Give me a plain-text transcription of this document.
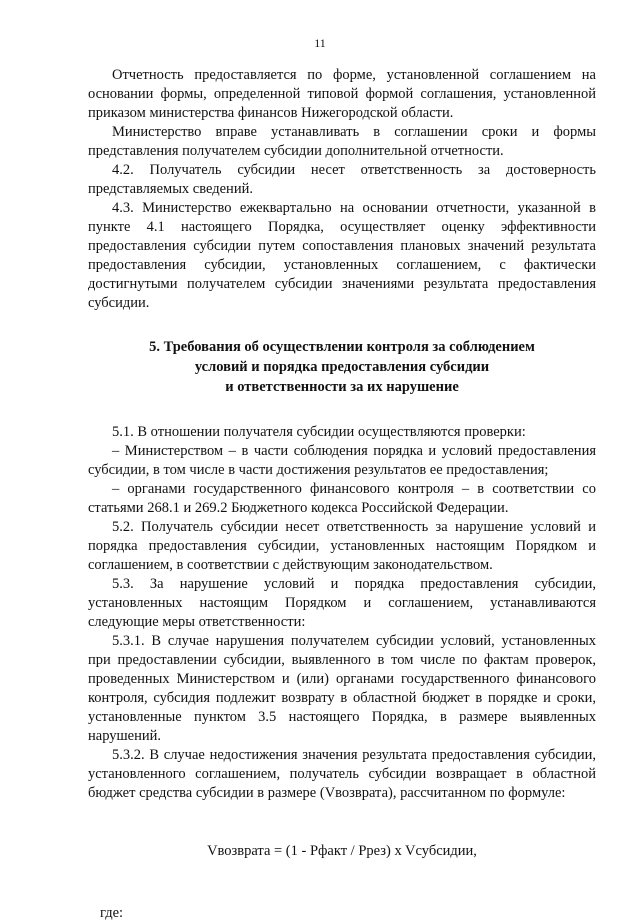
11

Отчетность предоставляется по форме, установленной соглашением на основании формы, определенной типовой формой соглашения, установленной приказом министерства финансов Нижегородской области.

Министерство вправе устанавливать в соглашении сроки и формы представления получателем субсидии дополнительной отчетности.

4.2. Получатель субсидии несет ответственность за достоверность представляемых сведений.

4.3. Министерство ежеквартально на основании отчетности, указанной в пункте 4.1 настоящего Порядка, осуществляет оценку эффективности предоставления субсидии путем сопоставления плановых значений результата предоставления субсидии, установленных соглашением, с фактически достигнутыми получателем субсидии значениями результата предоставления субсидии.

5. Требования об осуществлении контроля за соблюдением
условий и порядка предоставления субсидии
и ответственности за их нарушение

5.1. В отношении получателя субсидии осуществляются проверки:

– Министерством – в части соблюдения порядка и условий предоставления субсидии, в том числе в части достижения результатов ее предоставления;

– органами государственного финансового контроля – в соответствии со статьями 268.1 и 269.2 Бюджетного кодекса Российской Федерации.

5.2. Получатель субсидии несет ответственность за нарушение условий и порядка предоставления субсидии, установленных настоящим Порядком и соглашением, в соответствии с действующим законодательством.

5.3. За нарушение условий и порядка предоставления субсидии, установленных настоящим Порядком и соглашением, устанавливаются следующие меры ответственности:

5.3.1. В случае нарушения получателем субсидии условий, установленных при предоставлении субсидии, выявленного в том числе по фактам проверок, проведенных Министерством и (или) органами государственного финансового контроля, субсидия подлежит возврату в областной бюджет в порядке и сроки, установленные пунктом 3.5 настоящего Порядка, в размере выявленных нарушений.

5.3.2. В случае недостижения значения результата предоставления субсидии, установленного соглашением, получатель субсидии возвращает в областной бюджет средства субсидии в размере (Vвозврата), рассчитанном по формуле:

Vвозврата = (1 - Pфакт / Pрез) x Vсубсидии,
где:
